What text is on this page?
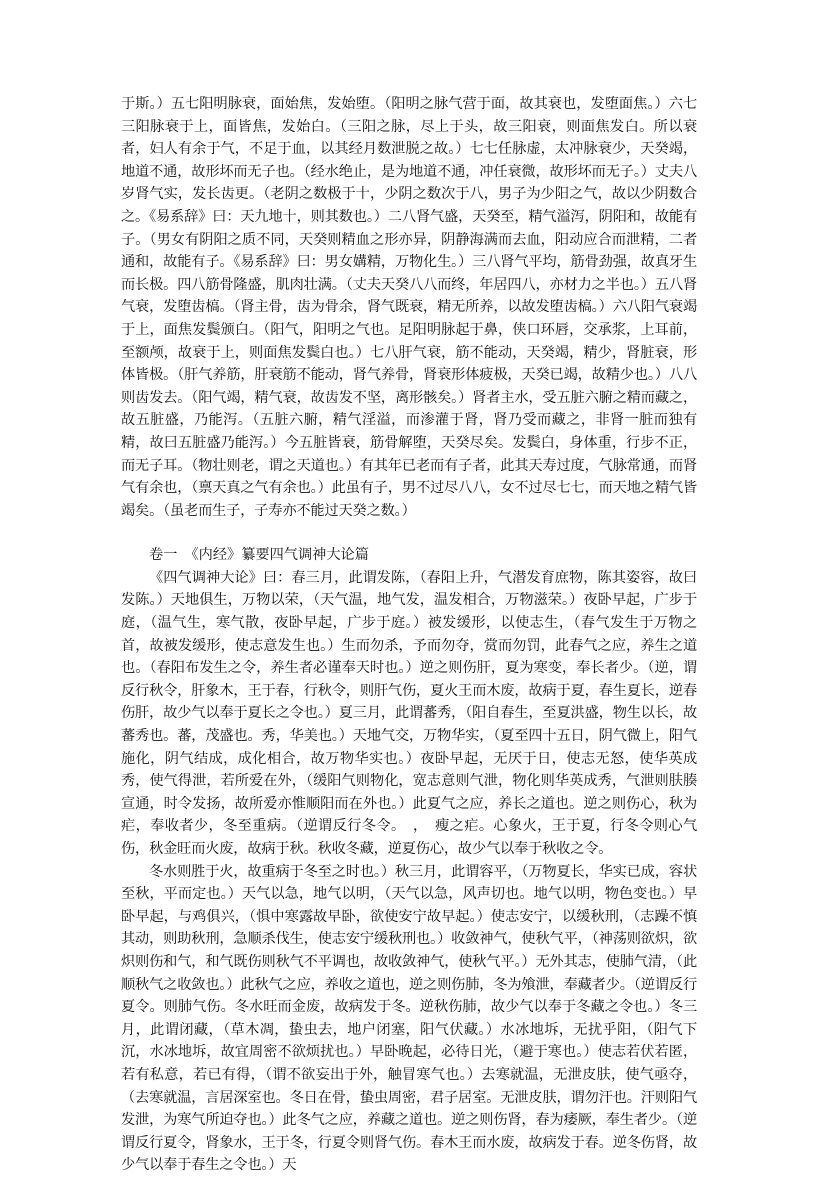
于斯。）五七阳明脉衰，面始焦，发始堕。（阳明之脉气营于面，故其衰也，发堕面焦。）六七三阳脉衰于上，面皆焦，发始白。（三阳之脉，尽上于头，故三阳衰，则面焦发白。所以衰者，妇人有余于气，不足于血，以其经月数泄脱之故。）七七任脉虚，太冲脉衰少，天癸竭，地道不通，故形坏而无子也。（经水绝止，是为地道不通，冲任衰微，故形坏而无子。）丈夫八岁肾气实，发长齿更。（老阴之数极于十，少阴之数次于八，男子为少阳之气，故以少阴数合之。《易系辞》曰：天九地十，则其数也。）二八肾气盛，天癸至，精气溢泻，阴阳和，故能有子。（男女有阴阳之质不同，天癸则精血之形亦异，阴静海满而去血，阳动应合而泄精，二者通和，故能有子。《易系辞》曰：男女媾精，万物化生。）三八肾气平均，筋骨劲强，故真牙生而长极。四八筋骨隆盛，肌肉壮满。（丈夫天癸八八而终，年居四八，亦材力之半也。）五八肾气衰，发堕齿槁。（肾主骨，齿为骨余，肾气既衰，精无所养，以故发堕齿槁。）六八阳气衰竭于上，面焦发鬓颁白。（阳气，阳明之气也。足阳明脉起于鼻，侠口环唇，交承浆，上耳前，至额颅，故衰于上，则面焦发鬓白也。）七八肝气衰，筋不能动，天癸竭，精少，肾脏衰，形体皆极。（肝气养筋，肝衰筋不能动，肾气养骨，肾衰形体疲极，天癸已竭，故精少也。）八八则齿发去。（阳气竭，精气衰，故齿发不坚，离形骸矣。）肾者主水，受五脏六腑之精而藏之，故五脏盛，乃能泻。（五脏六腑，精气淫溢，而渗灌于肾，肾乃受而藏之，非肾一脏而独有精，故曰五脏盛乃能泻。）今五脏皆衰，筋骨解堕，天癸尽矣。发鬓白，身体重，行步不正，而无子耳。（物壮则老，谓之天道也。）有其年已老而有子者，此其天寿过度，气脉常通，而肾气有余也，（禀天真之气有余也。）此虽有子，男不过尽八八，女不过尽七七，而天地之精气皆竭矣。（虽老而生子，子寿亦不能过天癸之数。）

卷一　《内经》纂要四气调神大论篇

《四气调神大论》曰：春三月，此谓发陈，（春阳上升，气潜发育庶物，陈其姿容，故曰发陈。）天地俱生，万物以荣，（天气温，地气发，温发相合，万物滋荣。）夜卧早起，广步于庭，（温气生，寒气散，夜卧早起，广步于庭。）被发缓形，以使志生，（春气发生于万物之首，故被发缓形，使志意发生也。）生而勿杀，予而勿夺，赏而勿罚，此春气之应，养生之道也。（春阳布发生之令，养生者必谨奉天时也。）逆之则伤肝，夏为寒变，奉长者少。（逆，谓反行秋令，肝象木，王于春，行秋令，则肝气伤，夏火王而木废，故病于夏，春生夏长，逆春伤肝，故少气以奉于夏长之令也。）夏三月，此谓蕃秀，（阳自春生，至夏洪盛，物生以长，故蕃秀也。蕃，茂盛也。秀，华美也。）天地气交，万物华实，（夏至四十五日，阴气微上，阳气施化，阴气结成，成化相合，故万物华实也。）夜卧早起，无厌于日，使志无怒，使华英成秀，使气得泄，若所爱在外，（缓阳气则物化，宽志意则气泄，物化则华英成秀，气泄则肤腠宣通，时令发扬，故所爱亦惟顺阳而在外也。）此夏气之应，养长之道也。逆之则伤心，秋为 疟，奉收者少，冬至重病。（逆谓反行冬令。　，　瘦之疟。心象火，王于夏，行冬令则心气伤，秋金旺而火废，故病于秋。秋收冬藏，逆夏伤心，故少气以奉于秋收之令。

冬水则胜于火，故重病于冬至之时也。）秋三月，此谓容平，（万物夏长，华实已成，容状至秋，平而定也。）天气以急，地气以明，（天气以急，风声切也。地气以明，物色变也。）早卧早起，与鸡俱兴，（惧中寒露故早卧，欲使安宁故早起。）使志安宁，以缓秋刑，（志躁不慎其动，则助秋刑，急顺杀伐生，使志安宁缓秋刑也。）收敛神气，使秋气平，（神荡则欲炽，欲炽则伤和气，和气既伤则秋气不平调也，故收敛神气，使秋气平。）无外其志，使肺气清，（此顺秋气之收敛也。）此秋气之应，养收之道也，逆之则伤肺，冬为飧泄，奉藏者少。（逆谓反行夏令。则肺气伤。冬水旺而金废，故病发于冬。逆秋伤肺，故少气以奉于冬藏之令也。）冬三月，此谓闭藏，（草木凋，蛰虫去，地户闭塞，阳气伏藏。）水冰地坼，无扰乎阳，（阳气下沉，水冰地坼，故宜周密不欲烦扰也。）早卧晚起，必待日光，（避于寒也。）使志若伏若匿，若有私意，若已有得，（谓不欲妄出于外，触冒寒气也。）去寒就温，无泄皮肤，使气亟夺，（去寒就温，言居深室也。冬日在骨，蛰虫周密，君子居室。无泄皮肤，谓勿汗也。汗则阳气发泄，为寒气所迫夺也。）此冬气之应，养藏之道也。逆之则伤肾，春为痿厥，奉生者少。（逆谓反行夏令，肾象水，王于冬，行夏令则肾气伤。春木王而水废，故病发于春。逆冬伤肾，故少气以奉于春生之令也。）天
